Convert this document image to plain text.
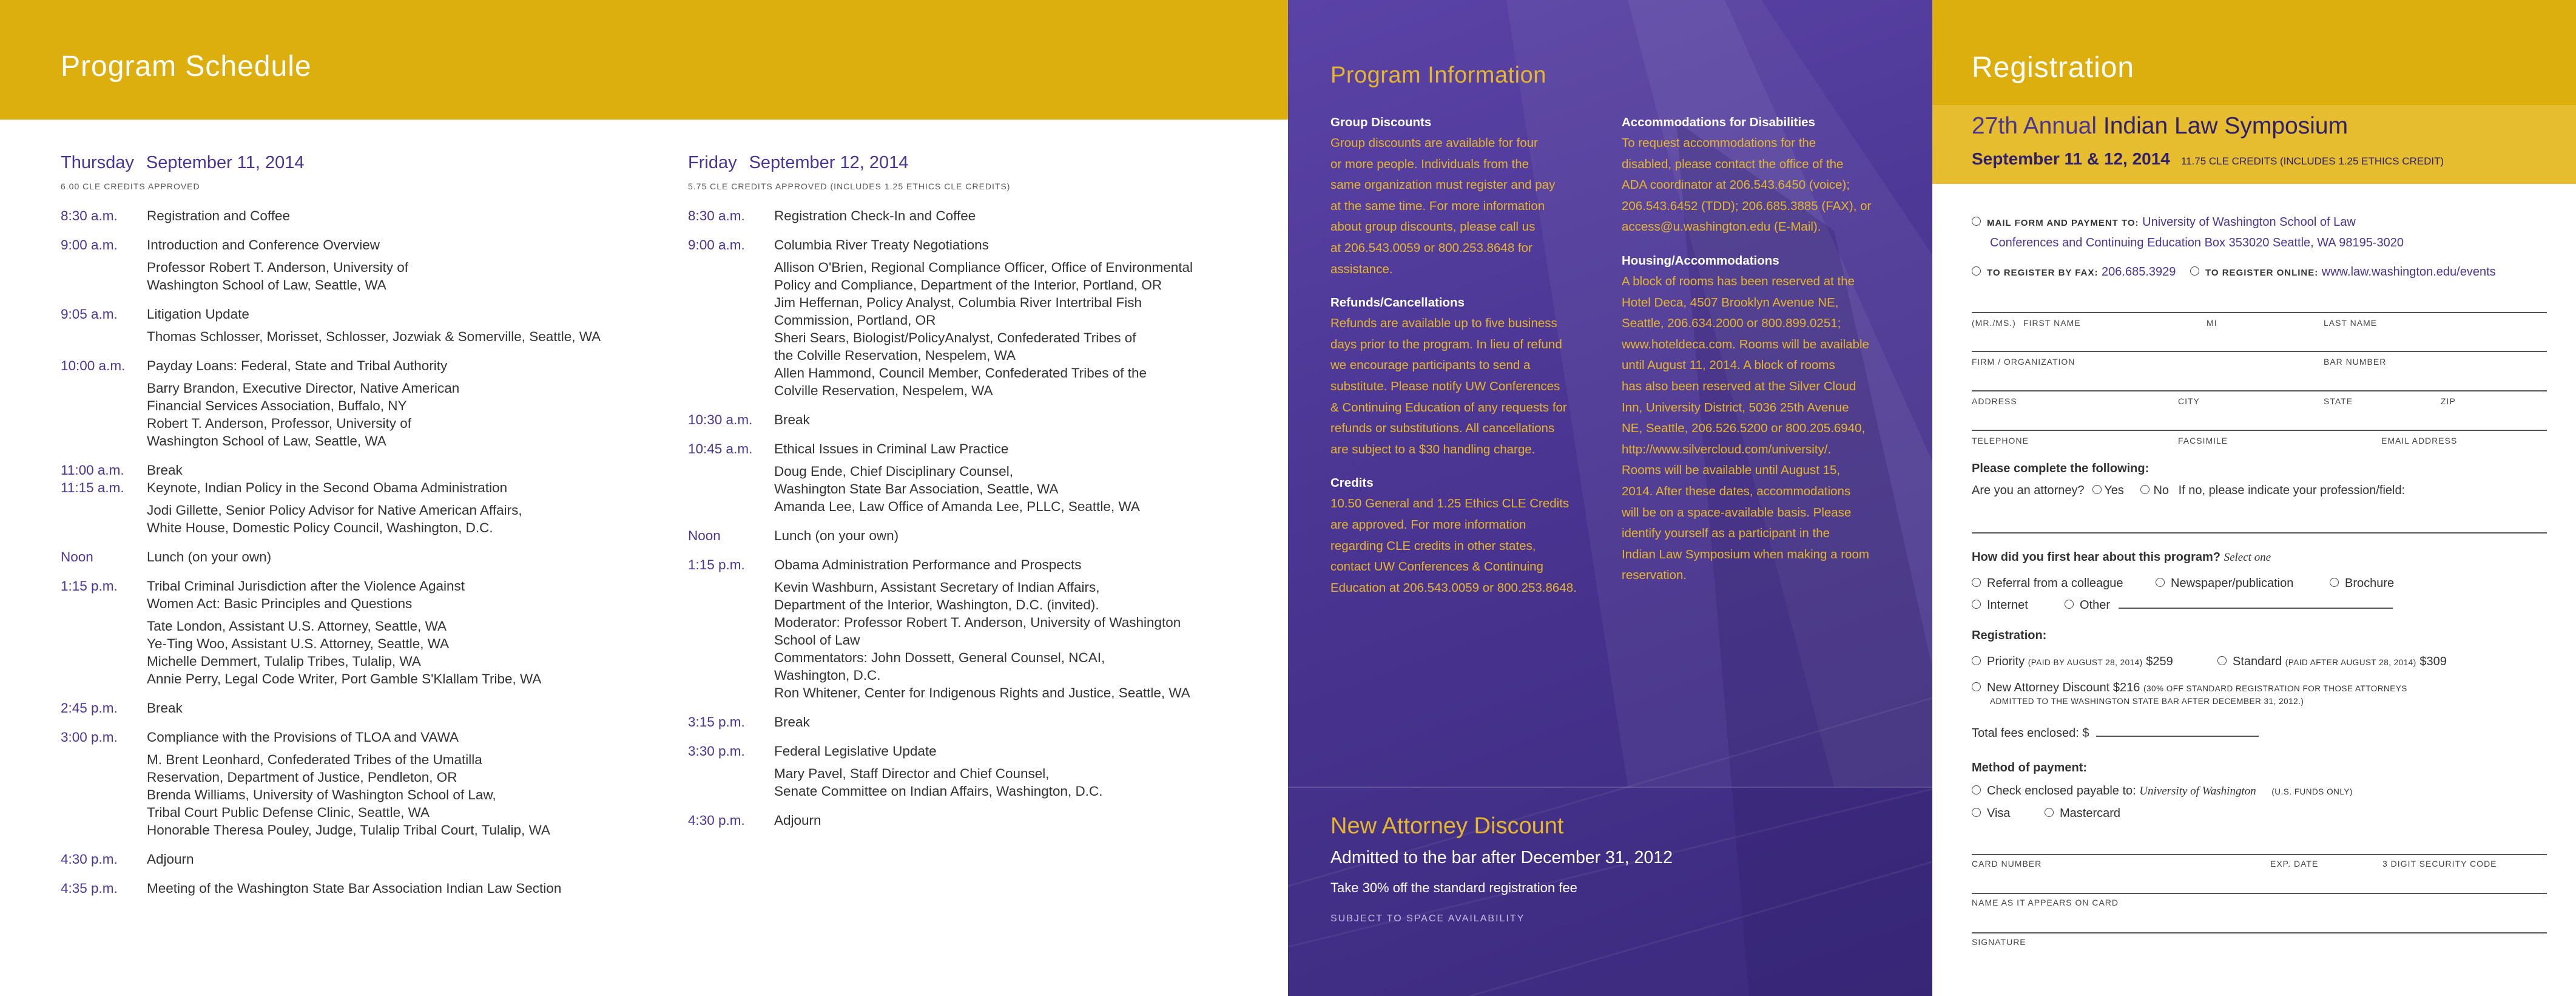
Program Schedule
Thursday September 11, 2014
6.00 CLE CREDITS APPROVED
8:30 a.m.	Registration and Coffee
9:00 a.m.	Introduction and Conference Overview
Professor Robert T. Anderson, University of
Washington School of Law, Seattle, WA
9:05 a.m.	Litigation Update
Thomas Schlosser, Morisset, Schlosser, Jozwiak & Somerville, Seattle, WA
10:00 a.m.	Payday Loans: Federal, State and Tribal Authority
Barry Brandon, Executive Director, Native American
Financial Services Association, Buffalo, NY
Robert T. Anderson, Professor, University of
Washington School of Law, Seattle, WA
11:00 a.m.	Break
11:15 a.m.	Keynote, Indian Policy in the Second Obama Administration
Jodi Gillette, Senior Policy Advisor for Native American Affairs,
White House, Domestic Policy Council, Washington, D.C.
Noon	Lunch (on your own)
1:15 p.m.	Tribal Criminal Jurisdiction after the Violence Against
Women Act: Basic Principles and Questions
Tate London, Assistant U.S. Attorney, Seattle, WA
Ye-Ting Woo, Assistant U.S. Attorney, Seattle, WA
Michelle Demmert, Tulalip Tribes, Tulalip, WA
Annie Perry, Legal Code Writer, Port Gamble S'Klallam Tribe, WA
2:45 p.m.	Break
3:00 p.m.	Compliance with the Provisions of TLOA and VAWA
M. Brent Leonhard, Confederated Tribes of the Umatilla
Reservation, Department of Justice, Pendleton, OR
Brenda Williams, University of Washington School of Law,
Tribal Court Public Defense Clinic, Seattle, WA
Honorable Theresa Pouley, Judge, Tulalip Tribal Court, Tulalip, WA
4:30 p.m.	Adjourn
4:35 p.m.	Meeting of the Washington State Bar Association Indian Law Section
Friday September 12, 2014
5.75 CLE CREDITS APPROVED (INCLUDES 1.25 ETHICS CLE CREDITS)
8:30 a.m.	Registration Check-In and Coffee
9:00 a.m.	Columbia River Treaty Negotiations
Allison O'Brien, Regional Compliance Officer, Office of Environmental
Policy and Compliance, Department of the Interior, Portland, OR
Jim Heffernan, Policy Analyst, Columbia River Intertribal Fish
Commission, Portland, OR
Sheri Sears, Biologist/PolicyAnalyst, Confederated Tribes of
the Colville Reservation, Nespelem, WA
Allen Hammond, Council Member, Confederated Tribes of the
Colville Reservation, Nespelem, WA
10:30 a.m.	Break
10:45 a.m.	Ethical Issues in Criminal Law Practice
Doug Ende, Chief Disciplinary Counsel,
Washington State Bar Association, Seattle, WA
Amanda Lee, Law Office of Amanda Lee, PLLC, Seattle, WA
Noon	Lunch (on your own)
1:15 p.m.	Obama Administration Performance and Prospects
Kevin Washburn, Assistant Secretary of Indian Affairs,
Department of the Interior, Washington, D.C. (invited).
Moderator: Professor Robert T. Anderson, University of Washington
School of Law
Commentators: John Dossett, General Counsel, NCAI,
Washington, D.C.
Ron Whitener, Center for Indigenous Rights and Justice, Seattle, WA
3:15 p.m.	Break
3:30 p.m.	Federal Legislative Update
Mary Pavel, Staff Director and Chief Counsel,
Senate Committee on Indian Affairs, Washington, D.C.
4:30 p.m.	Adjourn
Program Information
Group Discounts
Group discounts are available for four
or more people. Individuals from the
same organization must register and pay
at the same time. For more information
about group discounts, please call us
at 206.543.0059 or 800.253.8648 for
assistance.
Refunds/Cancellations
Refunds are available up to five business
days prior to the program. In lieu of refund
we encourage participants to send a
substitute. Please notify UW Conferences
& Continuing Education of any requests for
refunds or substitutions. All cancellations
are subject to a $30 handling charge.
Credits
10.50 General and 1.25 Ethics CLE Credits
are approved. For more information
regarding CLE credits in other states,
contact UW Conferences & Continuing
Education at 206.543.0059 or 800.253.8648.
Accommodations for Disabilities
To request accommodations for the
disabled, please contact the office of the
ADA coordinator at 206.543.6450 (voice);
206.543.6452 (TDD); 206.685.3885 (FAX), or
access@u.washington.edu (E-Mail).
Housing/Accommodations
A block of rooms has been reserved at the
Hotel Deca, 4507 Brooklyn Avenue NE,
Seattle, 206.634.2000 or 800.899.0251;
www.hoteldeca.com. Rooms will be available
until August 11, 2014. A block of rooms
has also been reserved at the Silver Cloud
Inn, University District, 5036 25th Avenue
NE, Seattle, 206.526.5200 or 800.205.6940,
http://www.silvercloud.com/university/.
Rooms will be available until August 15,
2014. After these dates, accommodations
will be on a space-available basis. Please
identify yourself as a participant in the
Indian Law Symposium when making a room
reservation.
New Attorney Discount
Admitted to the bar after December 31, 2012
Take 30% off the standard registration fee
SUBJECT TO SPACE AVAILABILITY
Registration
27th Annual Indian Law Symposium
September 11 & 12, 2014 11.75 CLE CREDITS (INCLUDES 1.25 ETHICS CREDIT)
MAIL FORM AND PAYMENT TO: University of Washington School of Law
Conferences and Continuing Education Box 353020 Seattle, WA 98195-3020
TO REGISTER BY FAX: 206.685.3929	TO REGISTER ONLINE: www.law.washington.edu/events
(MR./MS.) FIRST NAME	MI	LAST NAME
FIRM / ORGANIZATION	BAR NUMBER
ADDRESS	CITY	STATE	ZIP
TELEPHONE	FACSIMILE	EMAIL ADDRESS
Please complete the following:
Are you an attorney? Yes No If no, please indicate your profession/field:
How did you first hear about this program? Select one
Referral from a colleague	Newspaper/publication	Brochure
Internet	Other
Registration:
Priority (PAID BY AUGUST 28, 2014) $259	Standard (PAID AFTER AUGUST 28, 2014) $309
New Attorney Discount $216 (30% OFF STANDARD REGISTRATION FOR THOSE ATTORNEYS
ADMITTED TO THE WASHINGTON STATE BAR AFTER DECEMBER 31, 2012.)
Total fees enclosed: $
Method of payment:
Check enclosed payable to: University of Washington (U.S. FUNDS ONLY)
Visa	Mastercard
CARD NUMBER	EXP. DATE	3 DIGIT SECURITY CODE
NAME AS IT APPEARS ON CARD
SIGNATURE
